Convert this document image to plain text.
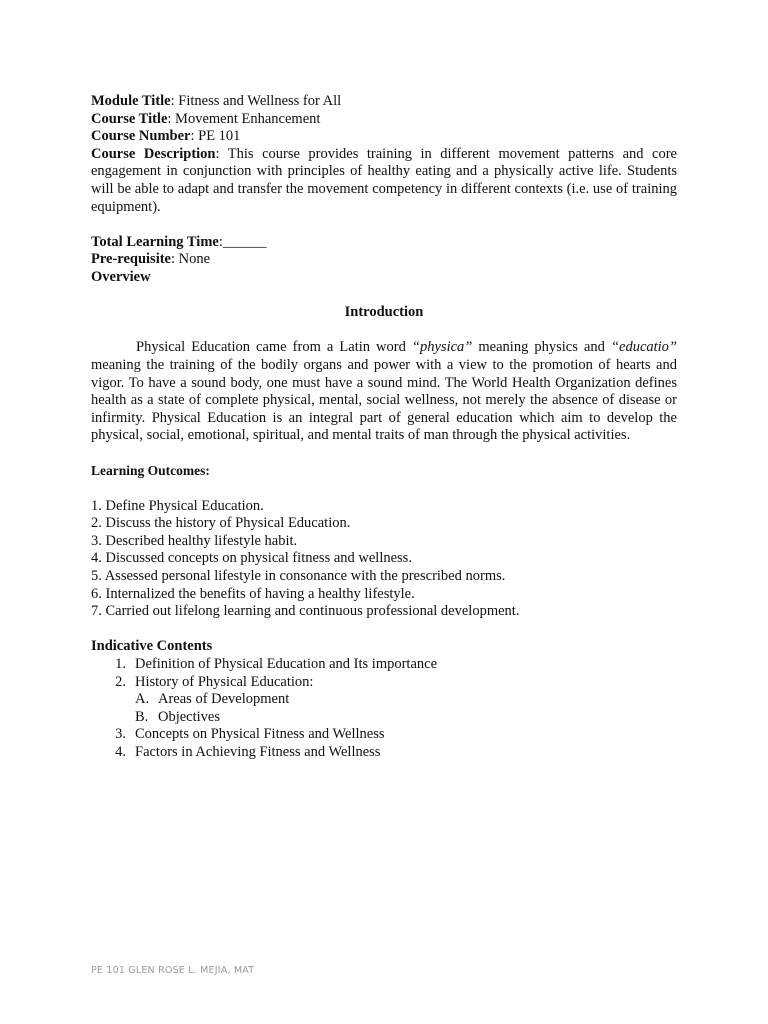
Module Title: Fitness and Wellness for All
Course Title: Movement Enhancement
Course Number: PE 101
Course Description: This course provides training in different movement patterns and core engagement in conjunction with principles of healthy eating and a physically active life. Students will be able to adapt and transfer the movement competency in different contexts (i.e. use of training equipment).
Total Learning Time:______
Pre-requisite: None
Overview
Introduction
Physical Education came from a Latin word “physica” meaning physics and “educatio” meaning the training of the bodily organs and power with a view to the promotion of hearts and vigor. To have a sound body, one must have a sound mind. The World Health Organization defines health as a state of complete physical, mental, social wellness, not merely the absence of disease or infirmity. Physical Education is an integral part of general education which aim to develop the physical, social, emotional, spiritual, and mental traits of man through the physical activities.
Learning Outcomes:
1. Define Physical Education.
2. Discuss the history of Physical Education.
3. Described healthy lifestyle habit.
4. Discussed concepts on physical fitness and wellness.
5. Assessed personal lifestyle in consonance with the prescribed norms.
6. Internalized the benefits of having a healthy lifestyle.
7. Carried out lifelong learning and continuous professional development.
Indicative Contents
1. Definition of Physical Education and Its importance
2. History of Physical Education:
A. Areas of Development
B. Objectives
3. Concepts on Physical Fitness and Wellness
4. Factors in Achieving Fitness and Wellness
PE 101 GLEN ROSE L. MEJIA, MAT
